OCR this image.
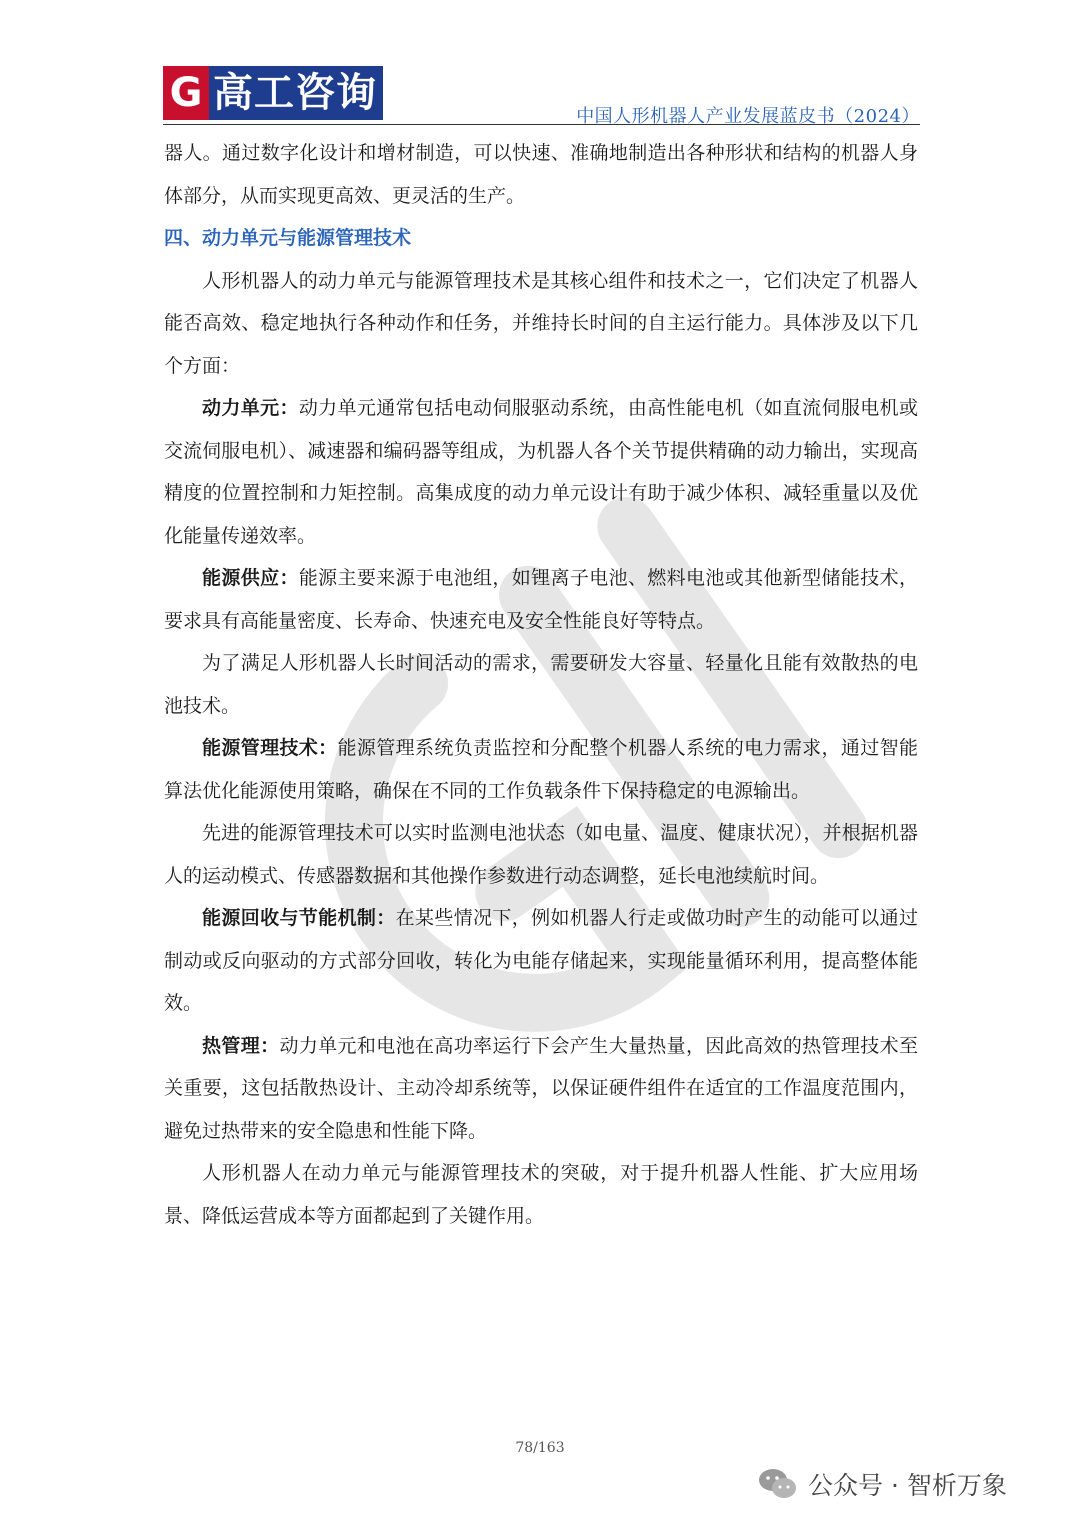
G 高工咨询
中国人形机器人产业发展蓝皮书（2024）

器人。通过数字化设计和增材制造，可以快速、准确地制造出各种形状和结构的机器人身体部分，从而实现更高效、更灵活的生产。

四、动力单元与能源管理技术

人形机器人的动力单元与能源管理技术是其核心组件和技术之一，它们决定了机器人能否高效、稳定地执行各种动作和任务，并维持长时间的自主运行能力。具体涉及以下几个方面：

动力单元：动力单元通常包括电动伺服驱动系统，由高性能电机（如直流伺服电机或交流伺服电机）、减速器和编码器等组成，为机器人各个关节提供精确的动力输出，实现高精度的位置控制和力矩控制。高集成度的动力单元设计有助于减少体积、减轻重量以及优化能量传递效率。

能源供应：能源主要来源于电池组，如锂离子电池、燃料电池或其他新型储能技术，要求具有高能量密度、长寿命、快速充电及安全性能良好等特点。

为了满足人形机器人长时间活动的需求，需要研发大容量、轻量化且能有效散热的电池技术。

能源管理技术：能源管理系统负责监控和分配整个机器人系统的电力需求，通过智能算法优化能源使用策略，确保在不同的工作负载条件下保持稳定的电源输出。

先进的能源管理技术可以实时监测电池状态（如电量、温度、健康状况），并根据机器人的运动模式、传感器数据和其他操作参数进行动态调整，延长电池续航时间。

能源回收与节能机制：在某些情况下，例如机器人行走或做功时产生的动能可以通过制动或反向驱动的方式部分回收，转化为电能存储起来，实现能量循环利用，提高整体能效。

热管理：动力单元和电池在高功率运行下会产生大量热量，因此高效的热管理技术至关重要，这包括散热设计、主动冷却系统等，以保证硬件组件在适宜的工作温度范围内，避免过热带来的安全隐患和性能下降。

人形机器人在动力单元与能源管理技术的突破，对于提升机器人性能、扩大应用场景、降低运营成本等方面都起到了关键作用。

78/163
公众号 · 智析万象
